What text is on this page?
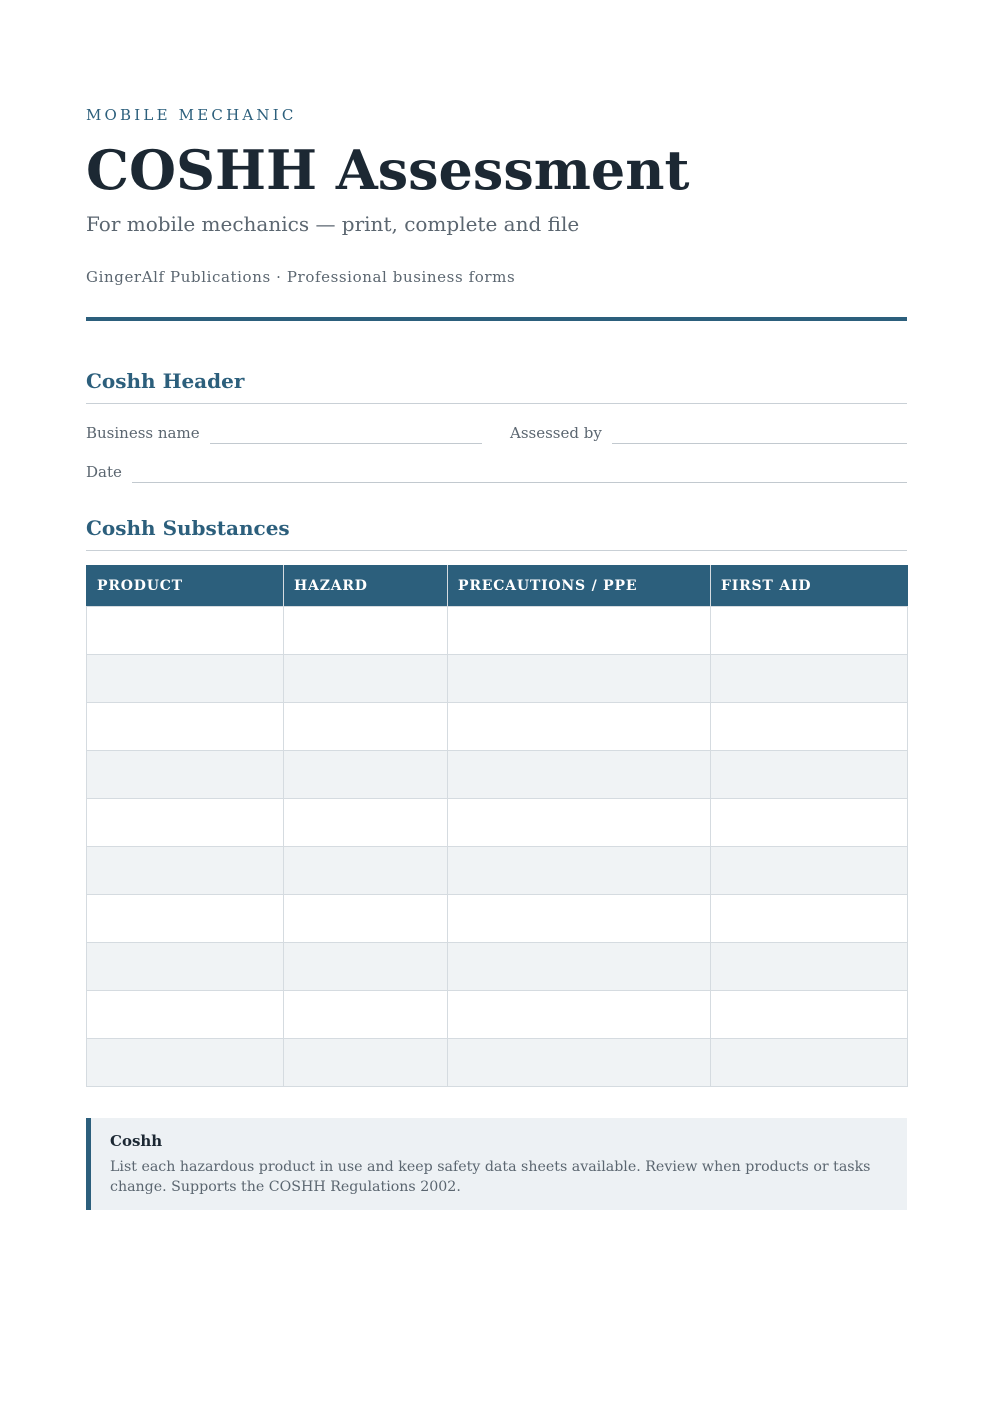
MOBILE MECHANIC
COSHH Assessment
For mobile mechanics — print, complete and file
GingerAlf Publications · Professional business forms
Coshh Header
Business name	Assessed by
Date
Coshh Substances
PRODUCT	HAZARD	PRECAUTIONS / PPE	FIRST AID

Coshh
List each hazardous product in use and keep safety data sheets available. Review when products or tasks change. Supports the COSHH Regulations 2002.
